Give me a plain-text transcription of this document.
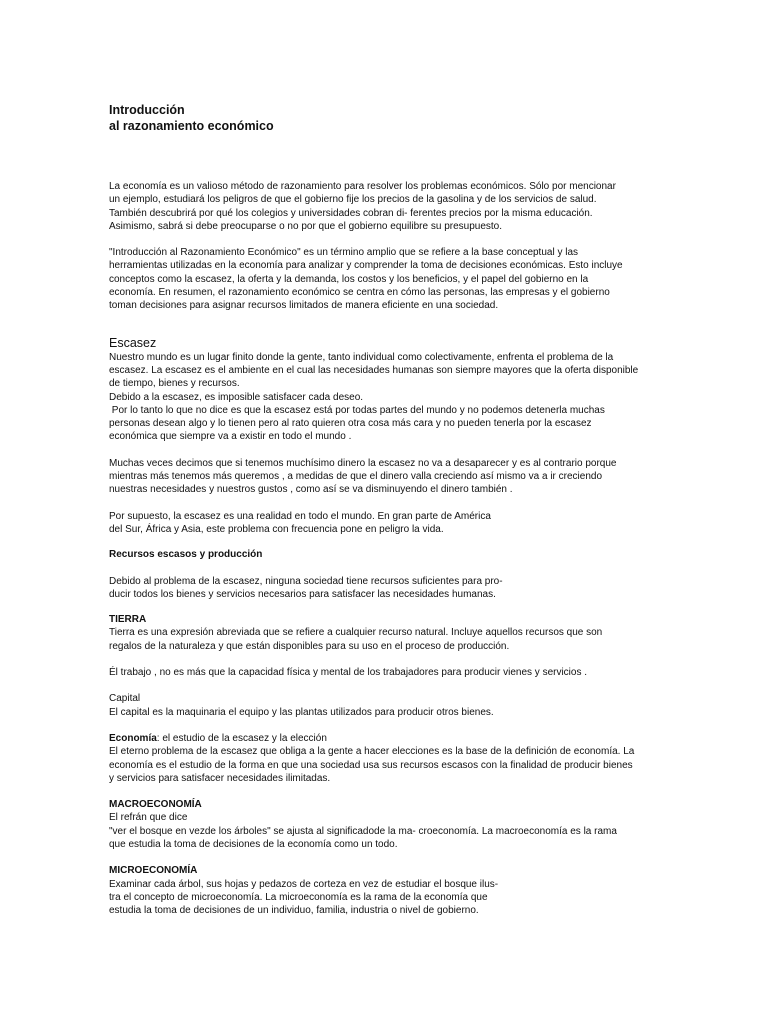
Introducción
al razonamiento económico
La economía es un valioso método de razonamiento para resolver los problemas económicos. Sólo por mencionar
un ejemplo, estudiará los peligros de que el gobierno fije los precios de la gasolina y de los servicios de salud.
También descubrirá por qué los colegios y universidades cobran di- ferentes precios por la misma educación.
Asimismo, sabrá si debe preocuparse o no por que el gobierno equilibre su presupuesto.
"Introducción al Razonamiento Económico" es un término amplio que se refiere a la base conceptual y las
herramientas utilizadas en la economía para analizar y comprender la toma de decisiones económicas. Esto incluye
conceptos como la escasez, la oferta y la demanda, los costos y los beneficios, y el papel del gobierno en la
economía. En resumen, el razonamiento económico se centra en cómo las personas, las empresas y el gobierno
toman decisiones para asignar recursos limitados de manera eficiente en una sociedad.
Escasez
Nuestro mundo es un lugar finito donde la gente, tanto individual como colectivamente, enfrenta el problema de la
escasez. La escasez es el ambiente en el cual las necesidades humanas son siempre mayores que la oferta disponible
de tiempo, bienes y recursos.
Debido a la escasez, es imposible satisfacer cada deseo.
Por lo tanto lo que no dice es que la escasez está por todas partes del mundo y no podemos detenerla muchas
personas desean algo y lo tienen pero al rato quieren otra cosa más cara y no pueden tenerla por la escasez
económica que siempre va a existir en todo el mundo .
Muchas veces decimos que si tenemos muchísimo dinero la escasez no va a desaparecer y es al contrario porque
mientras más tenemos más queremos , a medidas de que el dinero valla creciendo así mismo va a ir creciendo
nuestras necesidades y nuestros gustos , como así se va disminuyendo el dinero también .
Por supuesto, la escasez es una realidad en todo el mundo. En gran parte de América
del Sur, África y Asia, este problema con frecuencia pone en peligro la vida.
Recursos escasos y producción
Debido al problema de la escasez, ninguna sociedad tiene recursos suficientes para pro-
ducir todos los bienes y servicios necesarios para satisfacer las necesidades humanas.
TIERRA
Tierra es una expresión abreviada que se refiere a cualquier recurso natural. Incluye aquellos recursos que son
regalos de la naturaleza y que están disponibles para su uso en el proceso de producción.
Él trabajo , no es más que la capacidad física y mental de los trabajadores para producir vienes y servicios .
Capital
El capital es la maquinaria el equipo y las plantas utilizados para producir otros bienes.
Economía: el estudio de la escasez y la elección
El eterno problema de la escasez que obliga a la gente a hacer elecciones es la base de la definición de economía. La
economía es el estudio de la forma en que una sociedad usa sus recursos escasos con la finalidad de producir bienes
y servicios para satisfacer necesidades ilimitadas.
MACROECONOMÍA
El refrán que dice
"ver el bosque en vezde los árboles" se ajusta al significadode la ma- croeconomía. La macroeconomía es la rama
que estudia la toma de decisiones de la economía como un todo.
MICROECONOMÍA
Examinar cada árbol, sus hojas y pedazos de corteza en vez de estudiar el bosque ilus-
tra el concepto de microeconomía. La microeconomía es la rama de la economía que
estudia la toma de decisiones de un individuo, familia, industria o nivel de gobierno.
